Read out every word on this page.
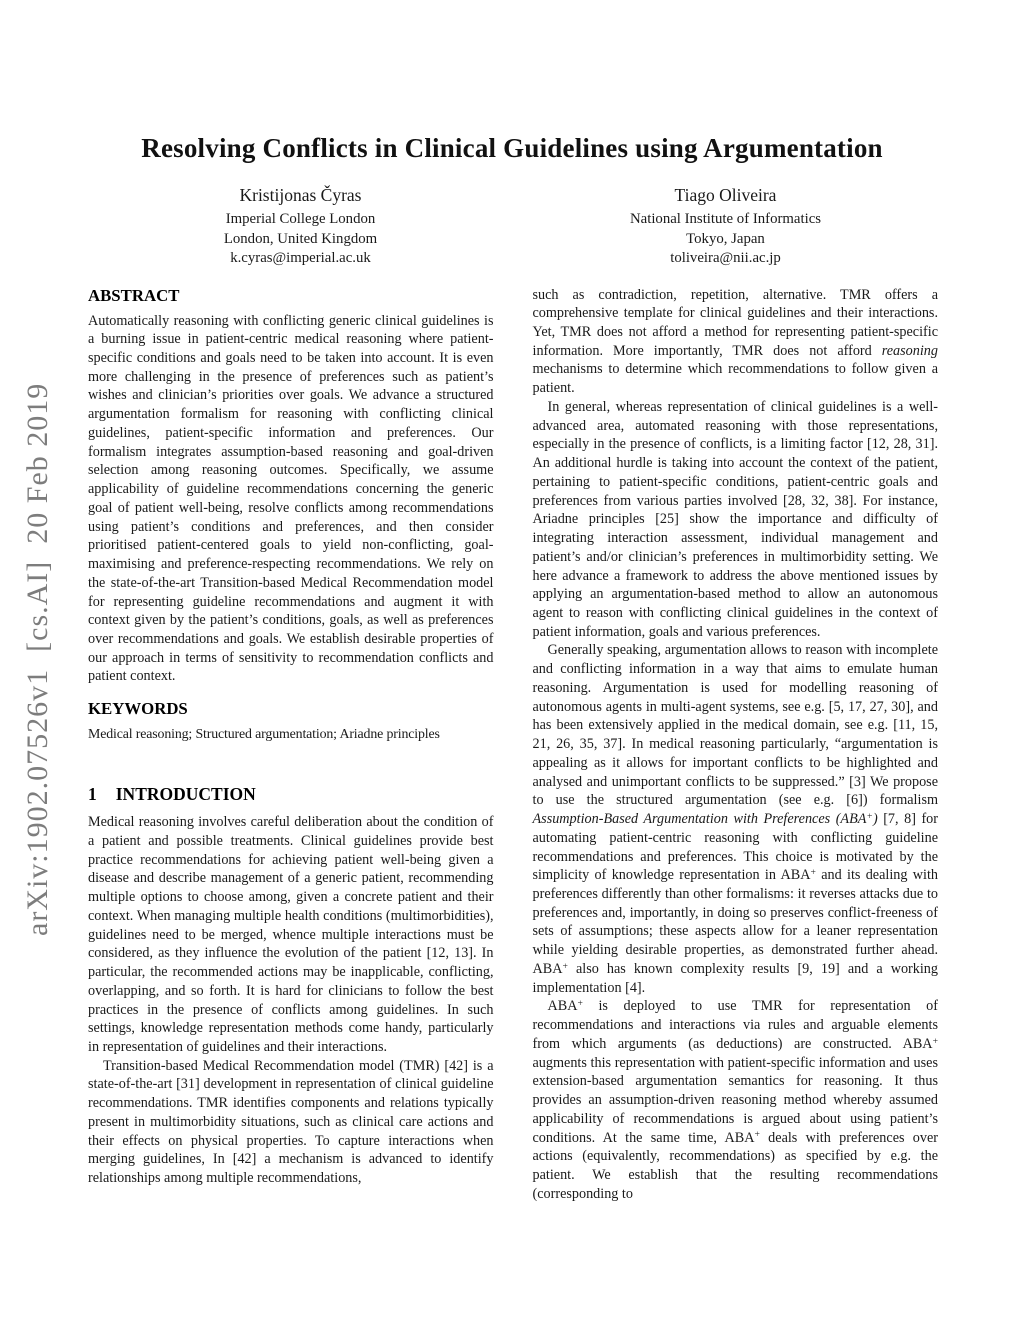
arXiv:1902.07526v1  [cs.AI]  20 Feb 2019
Resolving Conflicts in Clinical Guidelines using Argumentation
Kristijonas Čyras
Imperial College London
London, United Kingdom
k.cyras@imperial.ac.uk
Tiago Oliveira
National Institute of Informatics
Tokyo, Japan
toliveira@nii.ac.jp
ABSTRACT

Automatically reasoning with conflicting generic clinical guidelines is a burning issue in patient-centric medical reasoning where patient-specific conditions and goals need to be taken into account. It is even more challenging in the presence of preferences such as patient’s wishes and clinician’s priorities over goals. We advance a structured argumentation formalism for reasoning with conflicting clinical guidelines, patient-specific information and preferences. Our formalism integrates assumption-based reasoning and goal-driven selection among reasoning outcomes. Specifically, we assume applicability of guideline recommendations concerning the generic goal of patient well-being, resolve conflicts among recommendations using patient’s conditions and preferences, and then consider prioritised patient-centered goals to yield non-conflicting, goal-maximising and preference-respecting recommendations. We rely on the state-of-the-art Transition-based Medical Recommendation model for representing guideline recommendations and augment it with context given by the patient’s conditions, goals, as well as preferences over recommendations and goals. We establish desirable properties of our approach in terms of sensitivity to recommendation conflicts and patient context.

KEYWORDS

Medical reasoning; Structured argumentation; Ariadne principles

1 INTRODUCTION

Medical reasoning involves careful deliberation about the condition of a patient and possible treatments. Clinical guidelines provide best practice recommendations for achieving patient well-being given a disease and describe management of a generic patient, recommending multiple options to choose among, given a concrete patient and their context. When managing multiple health conditions (multimorbidities), guidelines need to be merged, whence multiple interactions must be considered, as they influence the evolution of the patient [12, 13]. In particular, the recommended actions may be inapplicable, conflicting, overlapping, and so forth. It is hard for clinicians to follow the best practices in the presence of conflicts among guidelines. In such settings, knowledge representation methods come handy, particularly in representation of guidelines and their interactions.

Transition-based Medical Recommendation model (TMR) [42] is a state-of-the-art [31] development in representation of clinical guideline recommendations. TMR identifies components and relations typically present in multimorbidity situations, such as clinical care actions and their effects on physical properties. To capture interactions when merging guidelines, In [42] a mechanism is advanced to identify relationships among multiple recommendations,

such as contradiction, repetition, alternative. TMR offers a comprehensive template for clinical guidelines and their interactions. Yet, TMR does not afford a method for representing patient-specific information. More importantly, TMR does not afford reasoning mechanisms to determine which recommendations to follow given a patient.

In general, whereas representation of clinical guidelines is a well-advanced area, automated reasoning with those representations, especially in the presence of conflicts, is a limiting factor [12, 28, 31]. An additional hurdle is taking into account the context of the patient, pertaining to patient-specific conditions, patient-centric goals and preferences from various parties involved [28, 32, 38]. For instance, Ariadne principles [25] show the importance and difficulty of integrating interaction assessment, individual management and patient’s and/or clinician’s preferences in multimorbidity setting. We here advance a framework to address the above mentioned issues by applying an argumentation-based method to allow an autonomous agent to reason with conflicting clinical guidelines in the context of patient information, goals and various preferences.

Generally speaking, argumentation allows to reason with incomplete and conflicting information in a way that aims to emulate human reasoning. Argumentation is used for modelling reasoning of autonomous agents in multi-agent systems, see e.g. [5, 17, 27, 30], and has been extensively applied in the medical domain, see e.g. [11, 15, 21, 26, 35, 37]. In medical reasoning particularly, “argumentation is appealing as it allows for important conflicts to be highlighted and analysed and unimportant conflicts to be suppressed.” [3] We propose to use the structured argumentation (see e.g. [6]) formalism Assumption-Based Argumentation with Preferences (ABA+) [7, 8] for automating patient-centric reasoning with conflicting guideline recommendations and preferences. This choice is motivated by the simplicity of knowledge representation in ABA+ and its dealing with preferences differently than other formalisms: it reverses attacks due to preferences and, importantly, in doing so preserves conflict-freeness of sets of assumptions; these aspects allow for a leaner representation while yielding desirable properties, as demonstrated further ahead. ABA+ also has known complexity results [9, 19] and a working implementation [4].

ABA+ is deployed to use TMR for representation of recommendations and interactions via rules and arguable elements from which arguments (as deductions) are constructed. ABA+ augments this representation with patient-specific information and uses extension-based argumentation semantics for reasoning. It thus provides an assumption-driven reasoning method whereby assumed applicability of recommendations is argued about using patient’s conditions. At the same time, ABA+ deals with preferences over actions (equivalently, recommendations) as specified by e.g. the patient. We establish that the resulting recommendations (corresponding to
